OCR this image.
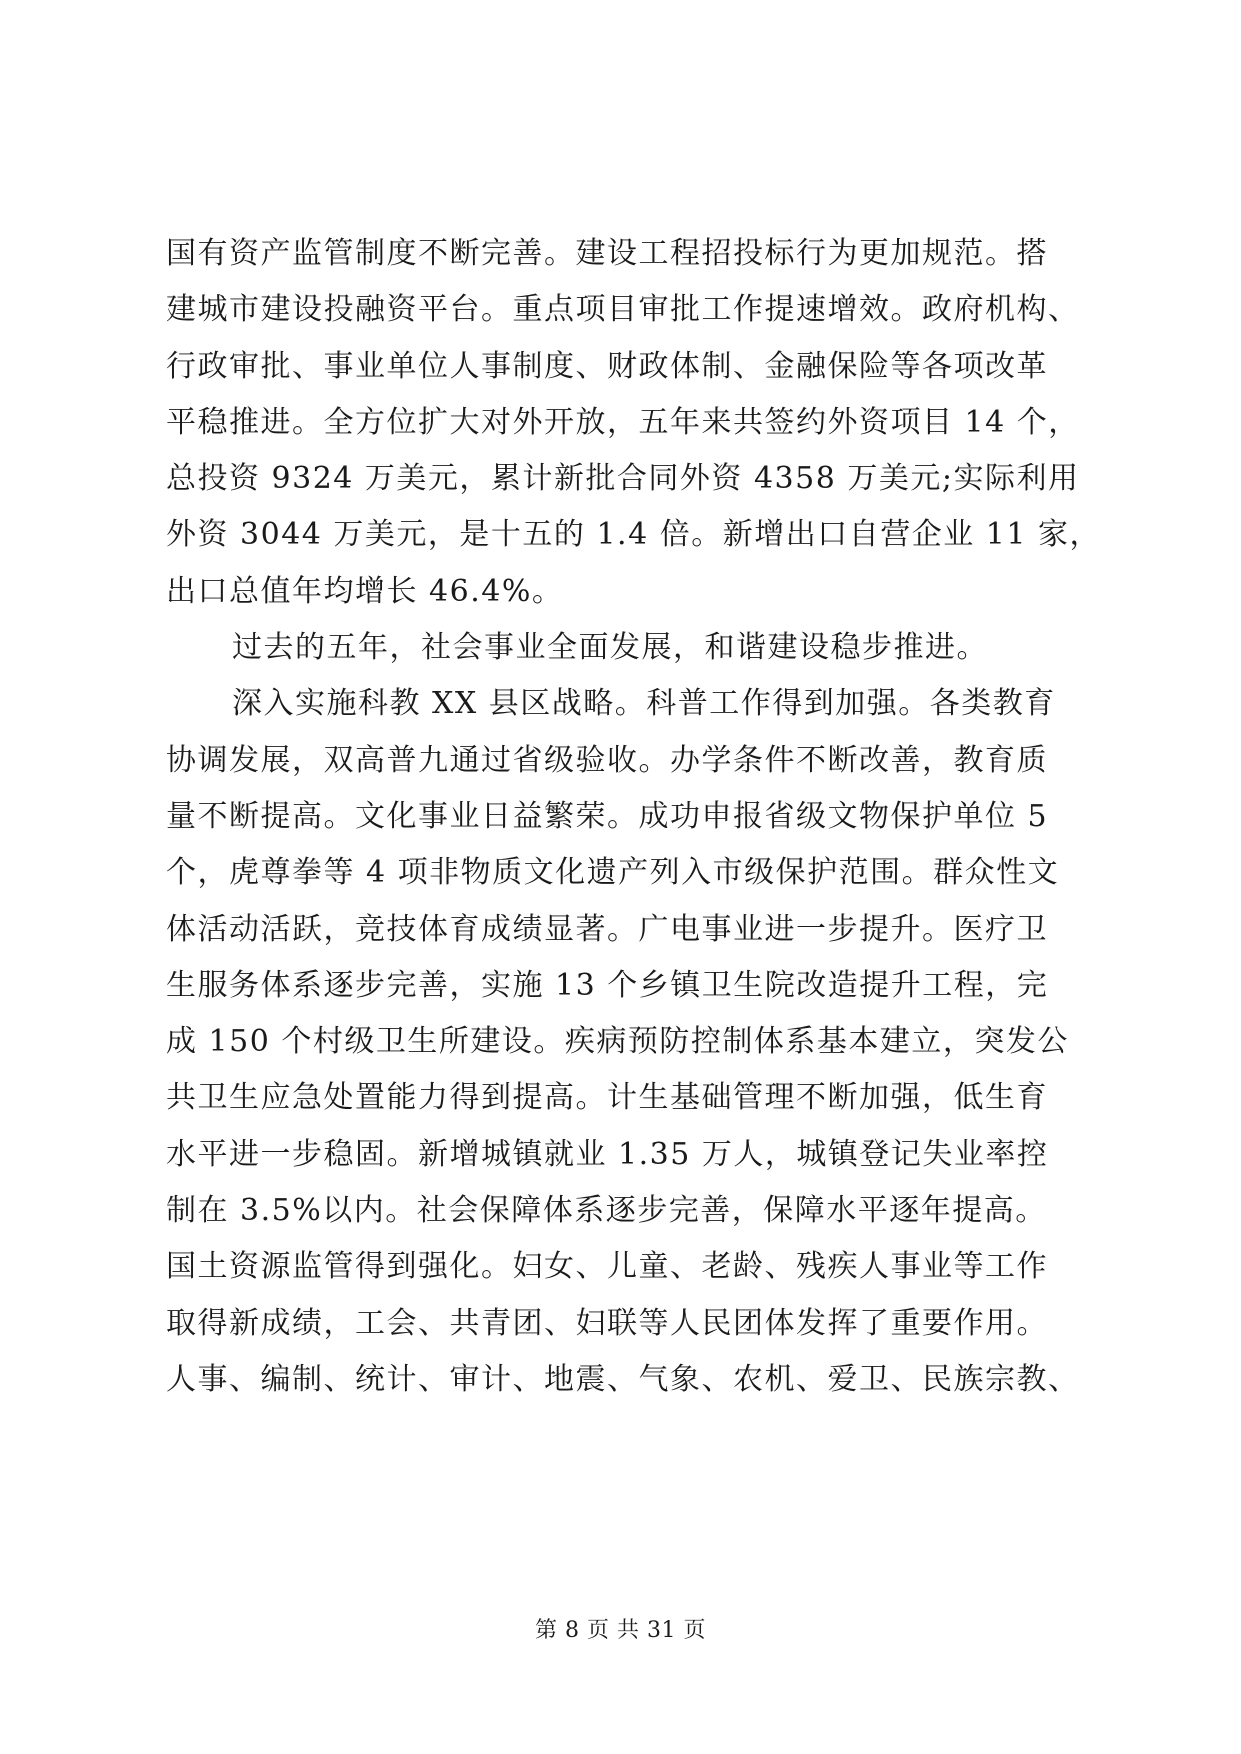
国有资产监管制度不断完善。建设工程招投标行为更加规范。搭
建城市建设投融资平台。重点项目审批工作提速增效。政府机构、
行政审批、事业单位人事制度、财政体制、金融保险等各项改革
平稳推进。全方位扩大对外开放，五年来共签约外资项目 14 个，
总投资 9324 万美元，累计新批合同外资 4358 万美元;实际利用
外资 3044 万美元，是十五的 1.4 倍。新增出口自营企业 11 家，
出口总值年均增长 46.4%。
过去的五年，社会事业全面发展，和谐建设稳步推进。
深入实施科教 XX 县区战略。科普工作得到加强。各类教育
协调发展，双高普九通过省级验收。办学条件不断改善，教育质
量不断提高。文化事业日益繁荣。成功申报省级文物保护单位 5
个，虎尊拳等 4 项非物质文化遗产列入市级保护范围。群众性文
体活动活跃，竞技体育成绩显著。广电事业进一步提升。医疗卫
生服务体系逐步完善，实施 13 个乡镇卫生院改造提升工程，完
成 150 个村级卫生所建设。疾病预防控制体系基本建立，突发公
共卫生应急处置能力得到提高。计生基础管理不断加强，低生育
水平进一步稳固。新增城镇就业 1.35 万人，城镇登记失业率控
制在 3.5%以内。社会保障体系逐步完善，保障水平逐年提高。
国土资源监管得到强化。妇女、儿童、老龄、残疾人事业等工作
取得新成绩，工会、共青团、妇联等人民团体发挥了重要作用。
人事、编制、统计、审计、地震、气象、农机、爱卫、民族宗教、
第 8 页 共 31 页
